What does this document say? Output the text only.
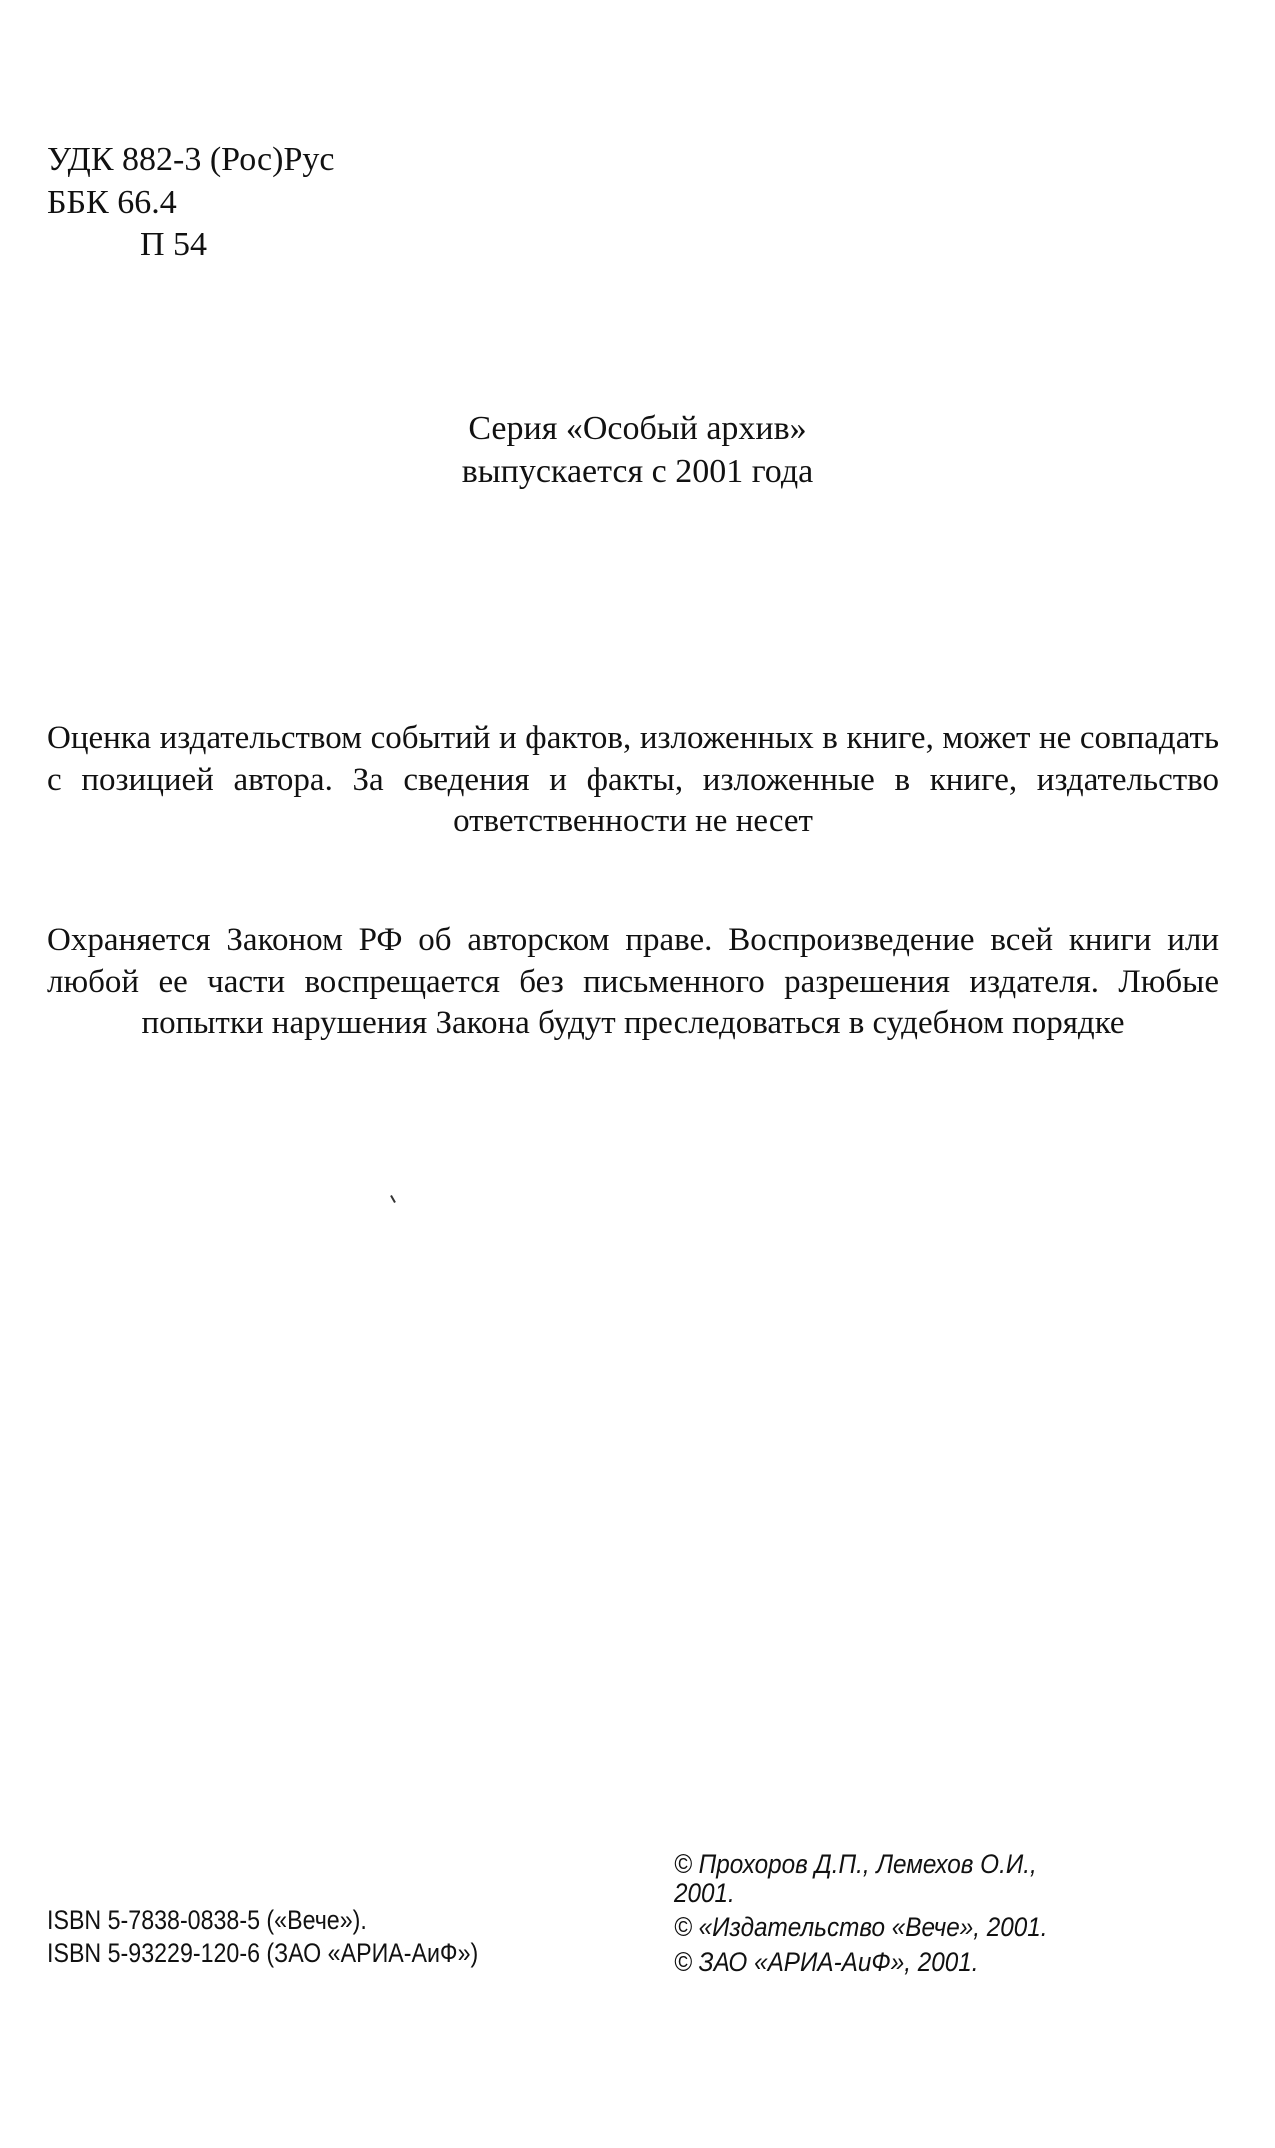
УДК 882-3 (Рос)Рус
ББК 66.4
П 54
Серия «Особый архив»
выпускается с 2001 года
Оценка издательством событий и фактов, изложенных в книге, может не совпадать с позицией автора. За сведения и факты, изложенные в книге, издательство ответственности не несет
Охраняется Законом РФ об авторском праве. Воспроизведение всей книги или любой ее части воспрещается без письменного разрешения издателя. Любые попытки нарушения Закона будут преследоваться в судебном порядке
ISBN 5-7838-0838-5 («Вече»).
ISBN 5-93229-120-6 (ЗАО «АРИА-АиФ»)
© Прохоров Д.П., Лемехов О.И.,
2001.
© «Издательство «Вече», 2001.
© ЗАО «АРИА-АиФ», 2001.
